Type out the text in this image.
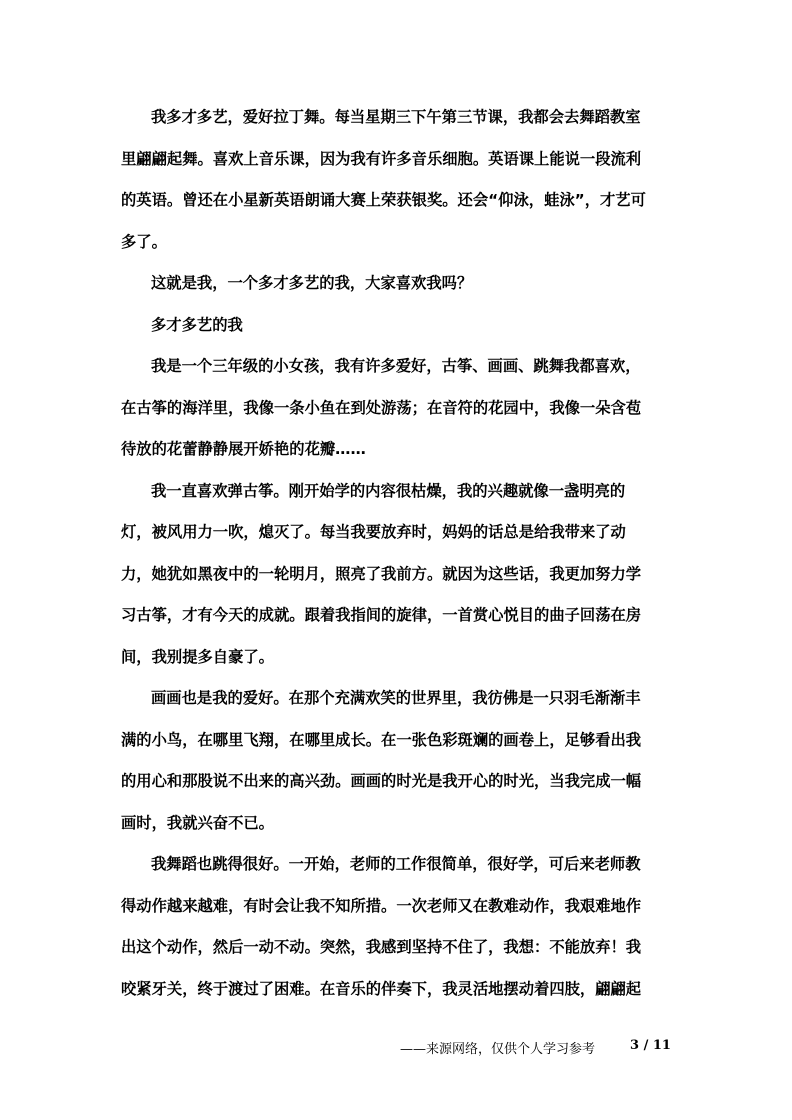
我多才多艺，爱好拉丁舞。每当星期三下午第三节课，我都会去舞蹈教室
里翩翩起舞。喜欢上音乐课，因为我有许多音乐细胞。英语课上能说一段流利
的英语。曾还在小星新英语朗诵大赛上荣获银奖。还会“仰泳，蛙泳”，才艺可
多了。
这就是我，一个多才多艺的我，大家喜欢我吗？
多才多艺的我
我是一个三年级的小女孩，我有许多爱好，古筝、画画、跳舞我都喜欢，
在古筝的海洋里，我像一条小鱼在到处游荡；在音符的花园中，我像一朵含苞
待放的花蕾静静展开娇艳的花瓣……
我一直喜欢弹古筝。刚开始学的内容很枯燥，我的兴趣就像一盏明亮的
灯，被风用力一吹，熄灭了。每当我要放弃时，妈妈的话总是给我带来了动
力，她犹如黑夜中的一轮明月，照亮了我前方。就因为这些话，我更加努力学
习古筝，才有今天的成就。跟着我指间的旋律，一首赏心悦目的曲子回荡在房
间，我别提多自豪了。
画画也是我的爱好。在那个充满欢笑的世界里，我彷佛是一只羽毛渐渐丰
满的小鸟，在哪里飞翔，在哪里成长。在一张色彩斑斓的画卷上，足够看出我
的用心和那股说不出来的高兴劲。画画的时光是我开心的时光，当我完成一幅
画时，我就兴奋不已。
我舞蹈也跳得很好。一开始，老师的工作很简单，很好学，可后来老师教
得动作越来越难，有时会让我不知所措。一次老师又在教难动作，我艰难地作
出这个动作，然后一动不动。突然，我感到坚持不住了，我想：不能放弃！我
咬紧牙关，终于渡过了困难。在音乐的伴奏下，我灵活地摆动着四肢，翩翩起
——来源网络，仅供个人学习参考	3 / 11
